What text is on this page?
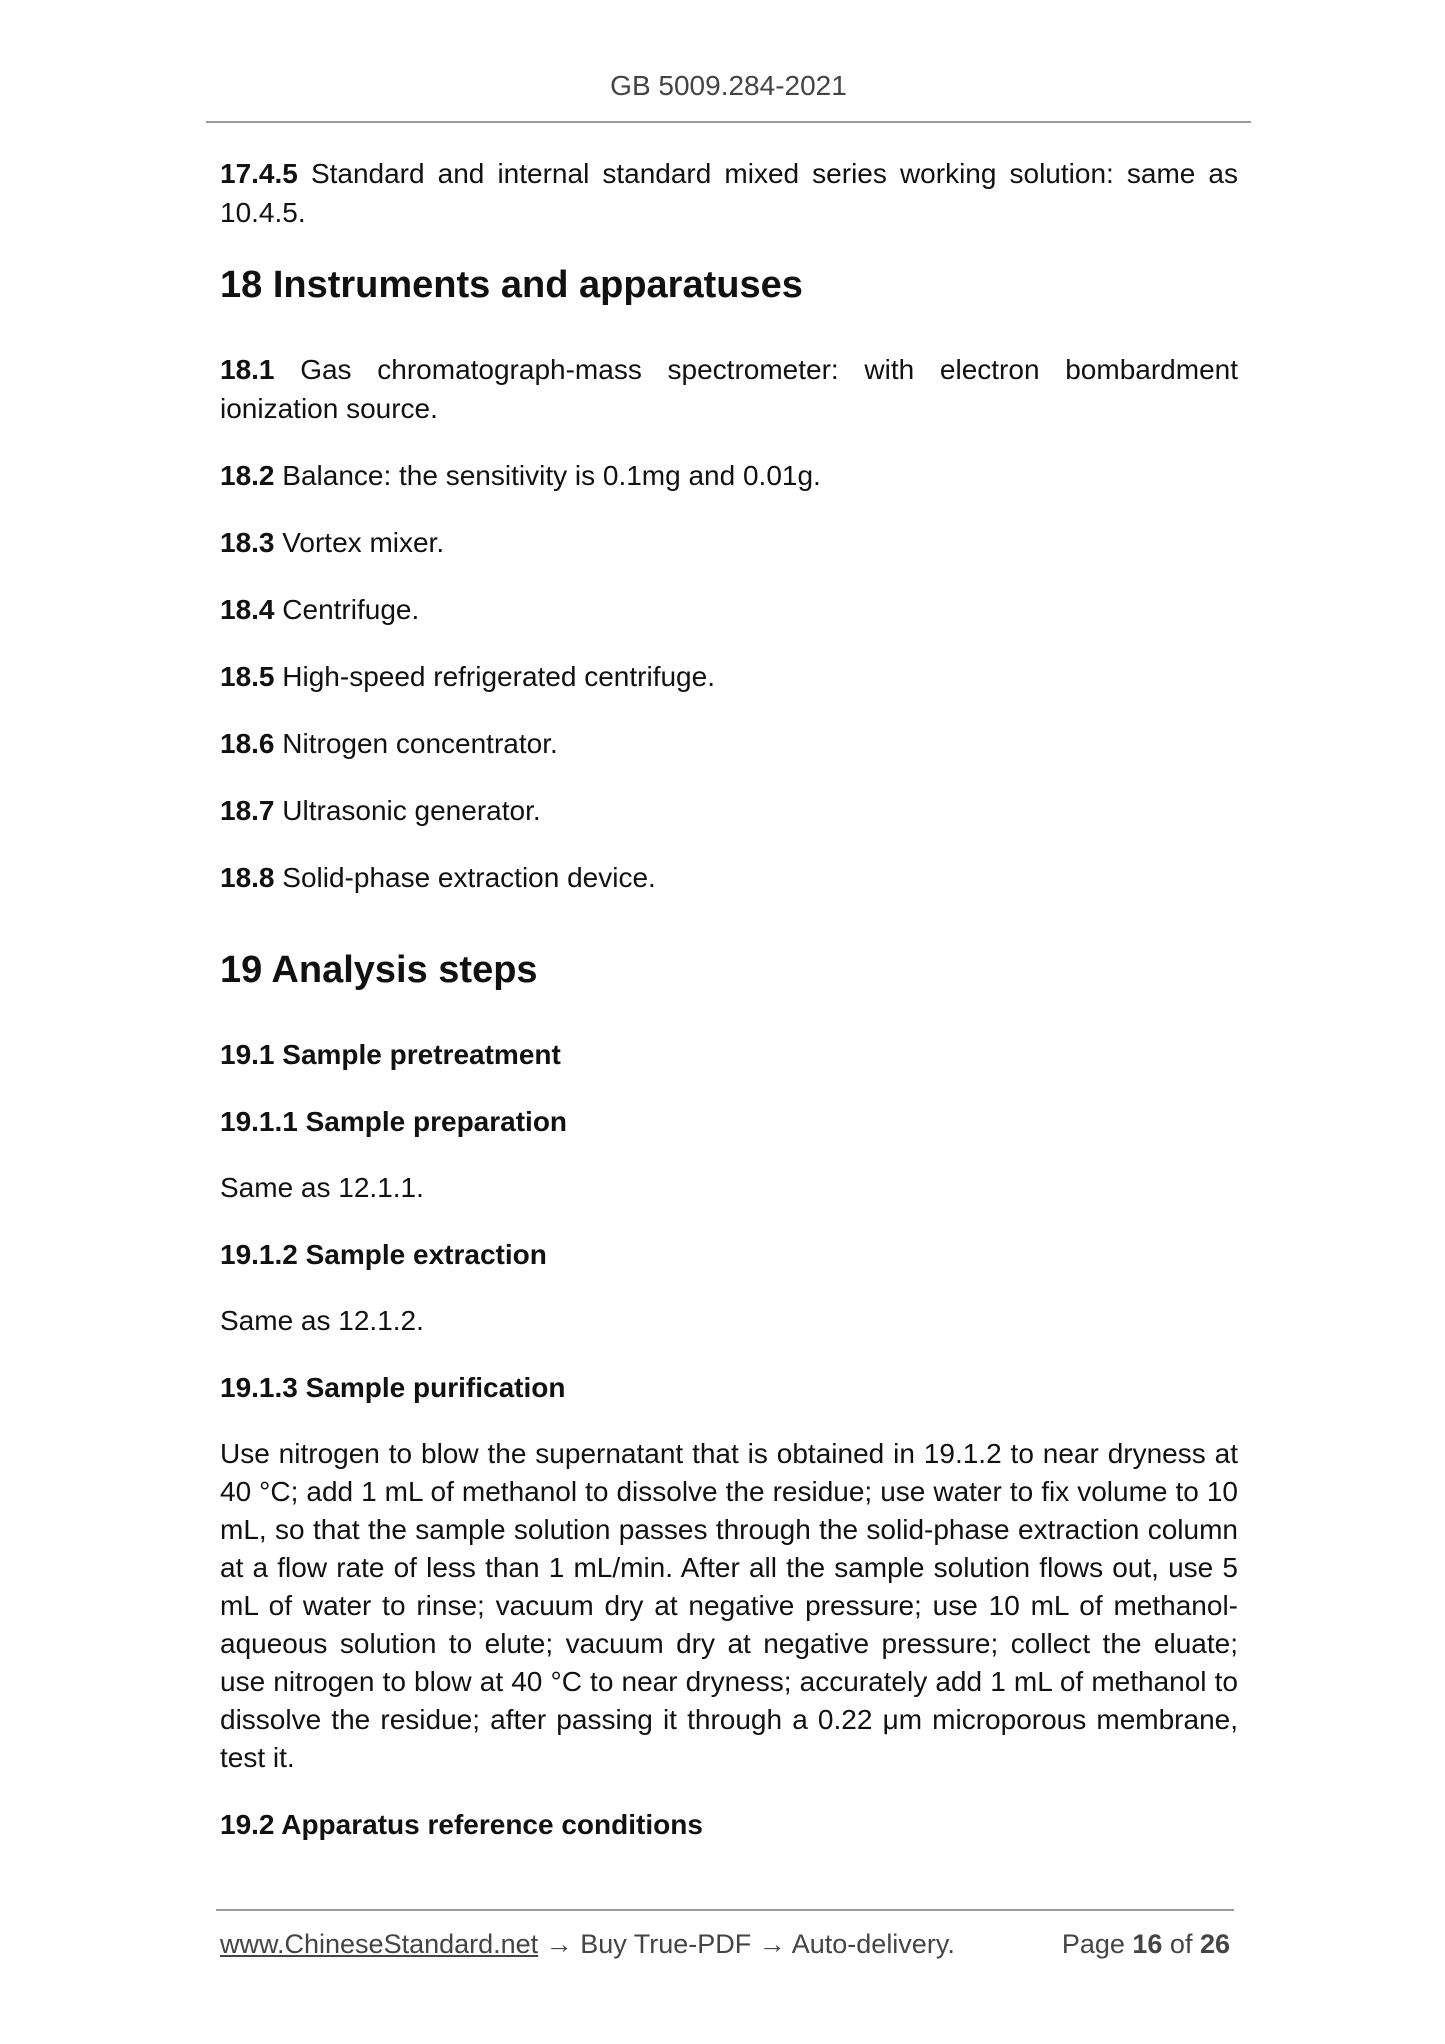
GB 5009.284-2021

17.4.5 Standard and internal standard mixed series working solution: same as 10.4.5.

18 Instruments and apparatuses

18.1 Gas chromatograph-mass spectrometer: with electron bombardment ionization source.

18.2 Balance: the sensitivity is 0.1mg and 0.01g.

18.3 Vortex mixer.

18.4 Centrifuge.

18.5 High-speed refrigerated centrifuge.

18.6 Nitrogen concentrator.

18.7 Ultrasonic generator.

18.8 Solid-phase extraction device.

19 Analysis steps

19.1 Sample pretreatment

19.1.1 Sample preparation

Same as 12.1.1.

19.1.2 Sample extraction

Same as 12.1.2.

19.1.3 Sample purification

Use nitrogen to blow the supernatant that is obtained in 19.1.2 to near dryness at 40 °C; add 1 mL of methanol to dissolve the residue; use water to fix volume to 10 mL, so that the sample solution passes through the solid-phase extraction column at a flow rate of less than 1 mL/min. After all the sample solution flows out, use 5 mL of water to rinse; vacuum dry at negative pressure; use 10 mL of methanol-aqueous solution to elute; vacuum dry at negative pressure; collect the eluate; use nitrogen to blow at 40 °C to near dryness; accurately add 1 mL of methanol to dissolve the residue; after passing it through a 0.22 μm microporous membrane, test it.

19.2 Apparatus reference conditions

www.ChineseStandard.net → Buy True-PDF → Auto-delivery.	Page 16 of 26
